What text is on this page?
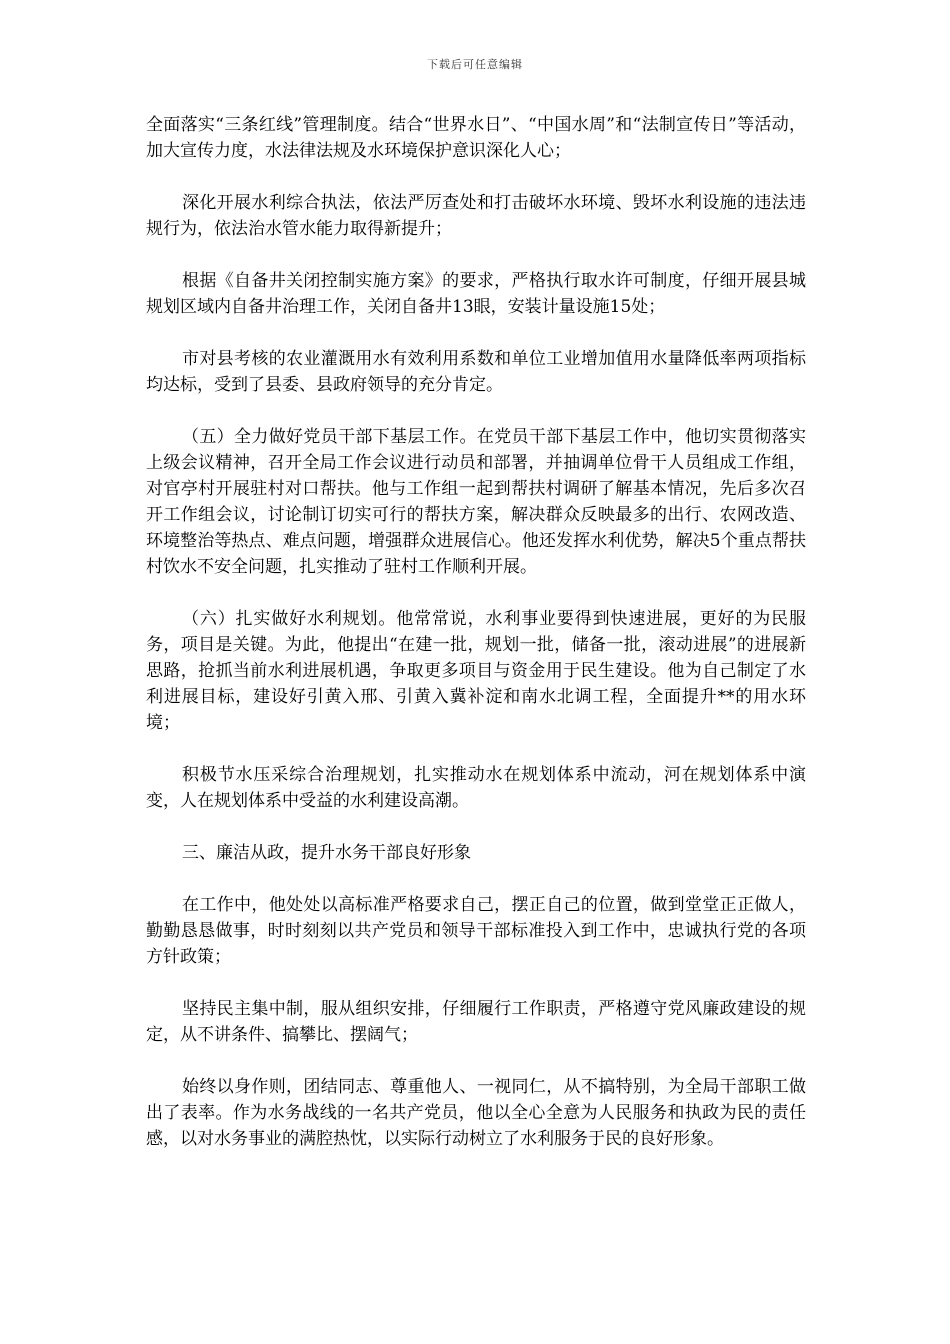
下载后可任意编辑

全面落实“三条红线”管理制度。结合“世界水日”、“中国水周”和“法制宣传日”等活动，加大宣传力度，水法律法规及水环境保护意识深化人心；

深化开展水利综合执法，依法严厉查处和打击破坏水环境、毁坏水利设施的违法违规行为，依法治水管水能力取得新提升；

根据《自备井关闭控制实施方案》的要求，严格执行取水许可制度，仔细开展县城规划区域内自备井治理工作，关闭自备井13眼，安装计量设施15处；

市对县考核的农业灌溉用水有效利用系数和单位工业增加值用水量降低率两项指标均达标，受到了县委、县政府领导的充分肯定。

（五）全力做好党员干部下基层工作。在党员干部下基层工作中，他切实贯彻落实上级会议精神，召开全局工作会议进行动员和部署，并抽调单位骨干人员组成工作组，对官亭村开展驻村对口帮扶。他与工作组一起到帮扶村调研了解基本情况，先后多次召开工作组会议，讨论制订切实可行的帮扶方案，解决群众反映最多的出行、农网改造、环境整治等热点、难点问题，增强群众进展信心。他还发挥水利优势，解决5个重点帮扶村饮水不安全问题，扎实推动了驻村工作顺利开展。

（六）扎实做好水利规划。他常常说，水利事业要得到快速进展，更好的为民服务，项目是关键。为此，他提出“在建一批，规划一批，储备一批，滚动进展”的进展新思路，抢抓当前水利进展机遇，争取更多项目与资金用于民生建设。他为自己制定了水利进展目标，建设好引黄入邢、引黄入冀补淀和南水北调工程，全面提升**的用水环境；

积极节水压采综合治理规划，扎实推动水在规划体系中流动，河在规划体系中演变，人在规划体系中受益的水利建设高潮。

三、廉洁从政，提升水务干部良好形象

在工作中，他处处以高标准严格要求自己，摆正自己的位置，做到堂堂正正做人，勤勤恳恳做事，时时刻刻以共产党员和领导干部标准投入到工作中，忠诚执行党的各项方针政策；

坚持民主集中制，服从组织安排，仔细履行工作职责，严格遵守党风廉政建设的规定，从不讲条件、搞攀比、摆阔气；

始终以身作则，团结同志、尊重他人、一视同仁，从不搞特别，为全局干部职工做出了表率。作为水务战线的一名共产党员，他以全心全意为人民服务和执政为民的责任感，以对水务事业的满腔热忱，以实际行动树立了水利服务于民的良好形象。
